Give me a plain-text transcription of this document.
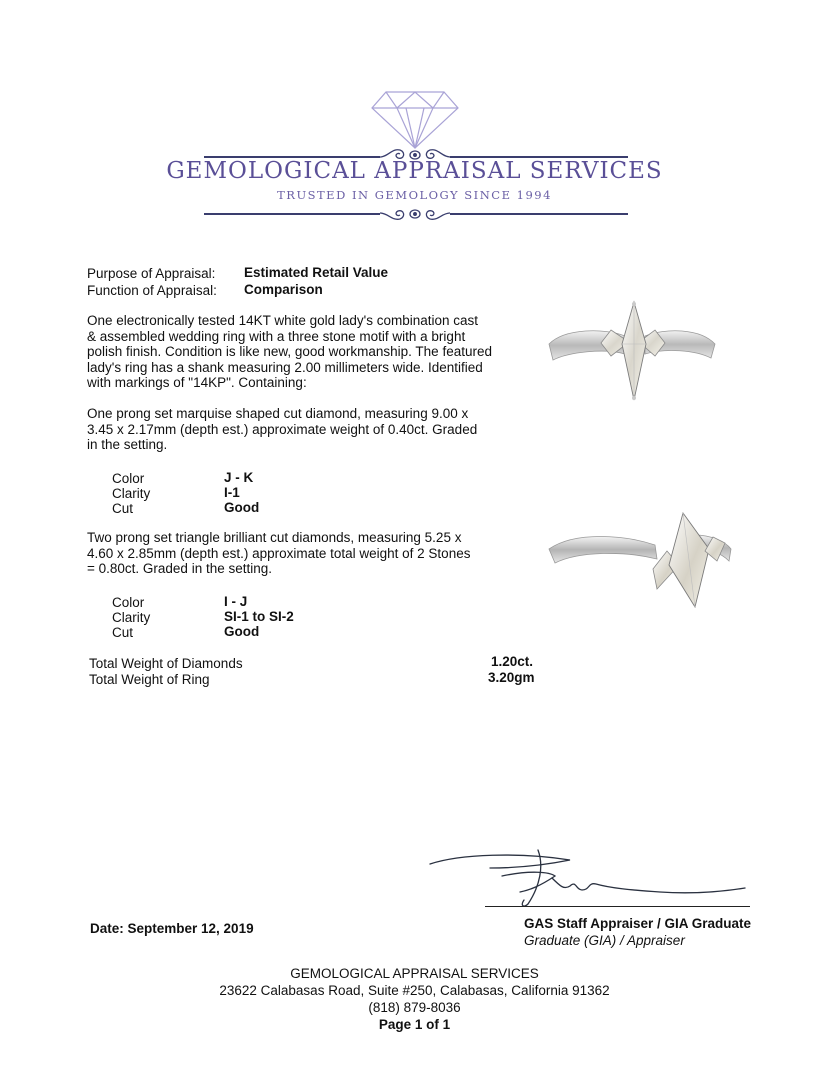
GEMOLOGICAL APPRAISAL SERVICES
TRUSTED IN GEMOLOGY SINCE 1994
Purpose of Appraisal: Estimated Retail Value
Function of Appraisal: Comparison
One electronically tested 14KT white gold lady's combination cast
& assembled wedding ring with a three stone motif with a bright
polish finish. Condition is like new, good workmanship. The featured
lady's ring has a shank measuring 2.00 millimeters wide. Identified
with markings of "14KP". Containing:
One prong set marquise shaped cut diamond, measuring 9.00 x
3.45 x 2.17mm (depth est.) approximate weight of 0.40ct. Graded
in the setting.
Color	J - K
Clarity	I-1
Cut	Good
Two prong set triangle brilliant cut diamonds, measuring 5.25 x
4.60 x 2.85mm (depth est.) approximate total weight of 2 Stones
= 0.80ct. Graded in the setting.
Color	I - J
Clarity	SI-1 to SI-2
Cut	Good
Total Weight of Diamonds	1.20ct.
Total Weight of Ring	3.20gm
Date: September 12, 2019	GAS Staff Appraiser / GIA Graduate
Graduate (GIA) / Appraiser
GEMOLOGICAL APPRAISAL SERVICES
23622 Calabasas Road, Suite #250, Calabasas, California 91362
(818) 879-8036
Page 1 of 1
